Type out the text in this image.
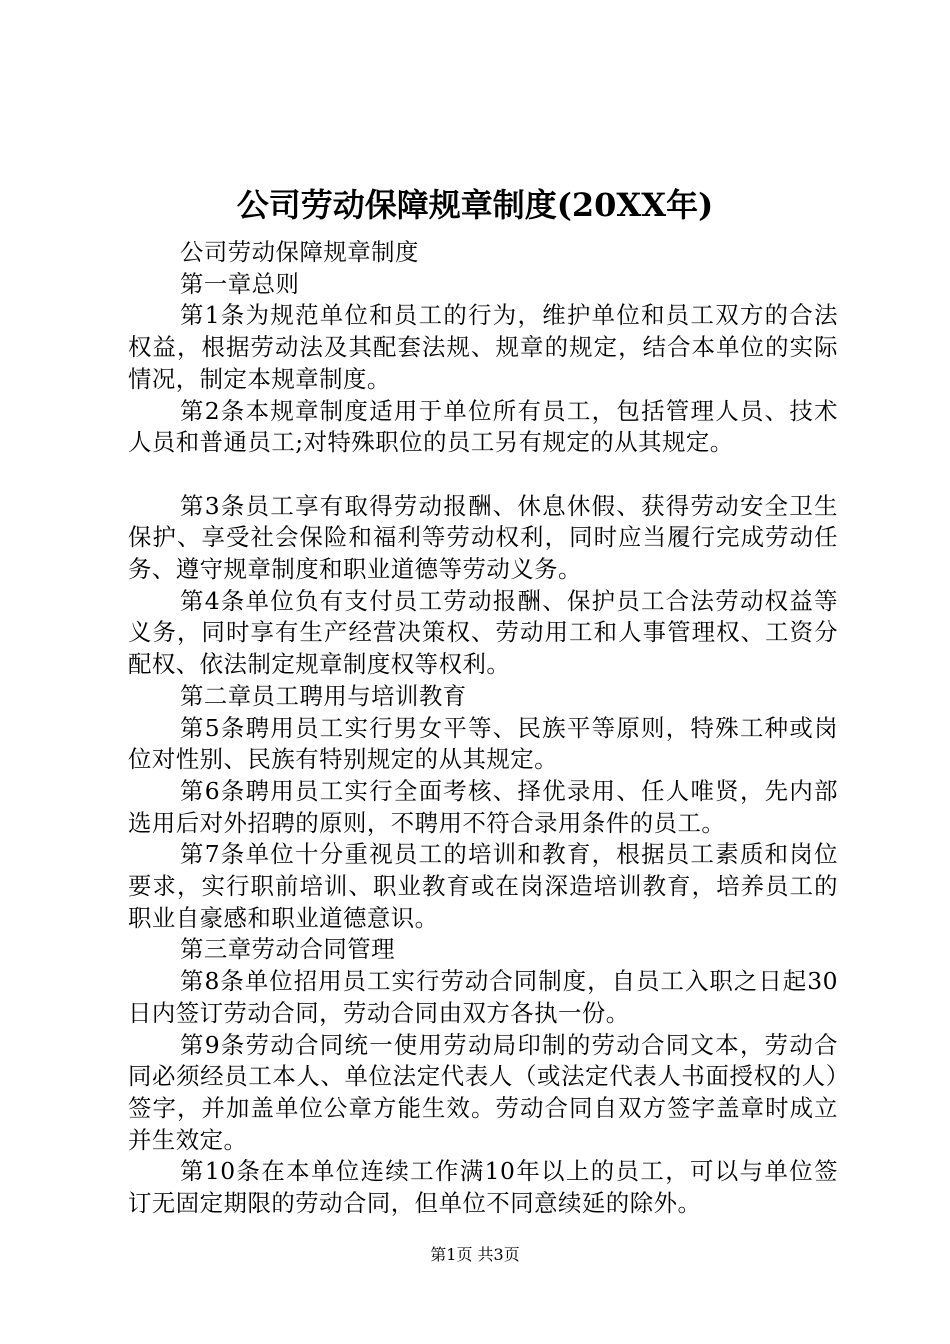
公司劳动保障规章制度(20XX年)

公司劳动保障规章制度

第一章总则

第1条为规范单位和员工的行为，维护单位和员工双方的合法权益，根据劳动法及其配套法规、规章的规定，结合本单位的实际情况，制定本规章制度。

第2条本规章制度适用于单位所有员工，包括管理人员、技术人员和普通员工;对特殊职位的员工另有规定的从其规定。

第3条员工享有取得劳动报酬、休息休假、获得劳动安全卫生保护、享受社会保险和福利等劳动权利，同时应当履行完成劳动任务、遵守规章制度和职业道德等劳动义务。

第4条单位负有支付员工劳动报酬、保护员工合法劳动权益等义务，同时享有生产经营决策权、劳动用工和人事管理权、工资分配权、依法制定规章制度权等权利。

第二章员工聘用与培训教育

第5条聘用员工实行男女平等、民族平等原则，特殊工种或岗位对性别、民族有特别规定的从其规定。

第6条聘用员工实行全面考核、择优录用、任人唯贤，先内部选用后对外招聘的原则，不聘用不符合录用条件的员工。

第7条单位十分重视员工的培训和教育，根据员工素质和岗位要求，实行职前培训、职业教育或在岗深造培训教育，培养员工的职业自豪感和职业道德意识。

第三章劳动合同管理

第8条单位招用员工实行劳动合同制度，自员工入职之日起30日内签订劳动合同，劳动合同由双方各执一份。

第9条劳动合同统一使用劳动局印制的劳动合同文本，劳动合同必须经员工本人、单位法定代表人（或法定代表人书面授权的人）签字，并加盖单位公章方能生效。劳动合同自双方签字盖章时成立并生效定。

第10条在本单位连续工作满10年以上的员工，可以与单位签订无固定期限的劳动合同，但单位不同意续延的除外。

第1页 共3页
